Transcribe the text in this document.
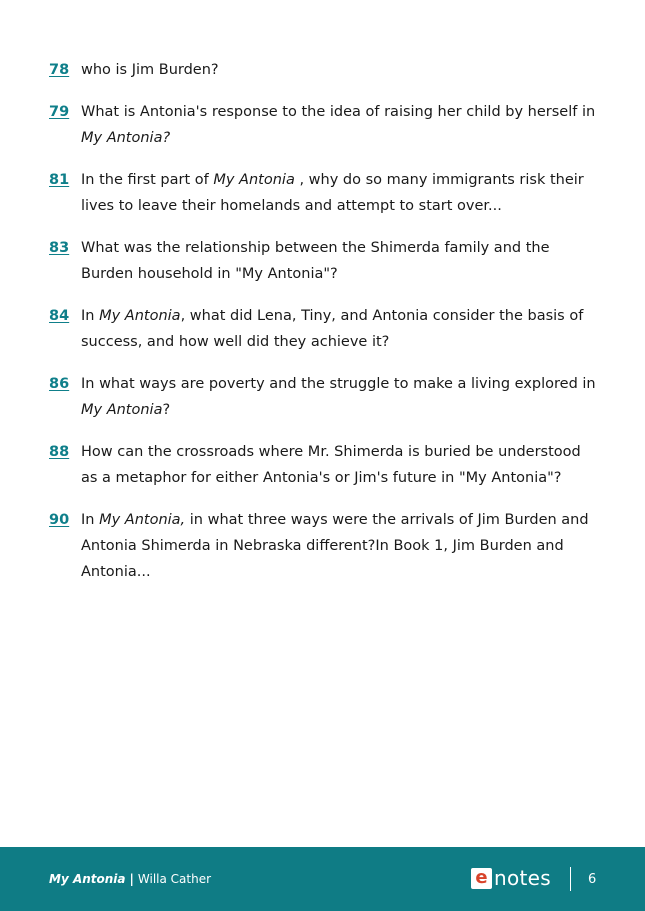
78 who is Jim Burden?
79 What is Antonia's response to the idea of raising her child by herself in My Antonia?
81 In the first part of My Antonia , why do so many immigrants risk their lives to leave their homelands and attempt to start over...
83 What was the relationship between the Shimerda family and the Burden household in "My Antonia"?
84 In My Antonia, what did Lena, Tiny, and Antonia consider the basis of success, and how well did they achieve it?
86 In what ways are poverty and the struggle to make a living explored in My Antonia?
88 How can the crossroads where Mr. Shimerda is buried be understood as a metaphor for either Antonia's or Jim's future in "My Antonia"?
90 In My Antonia, in what three ways were the arrivals of Jim Burden and Antonia Shimerda in Nebraska different?In Book 1, Jim Burden and Antonia...
My Antonia | Willa Cather	e notes	6
